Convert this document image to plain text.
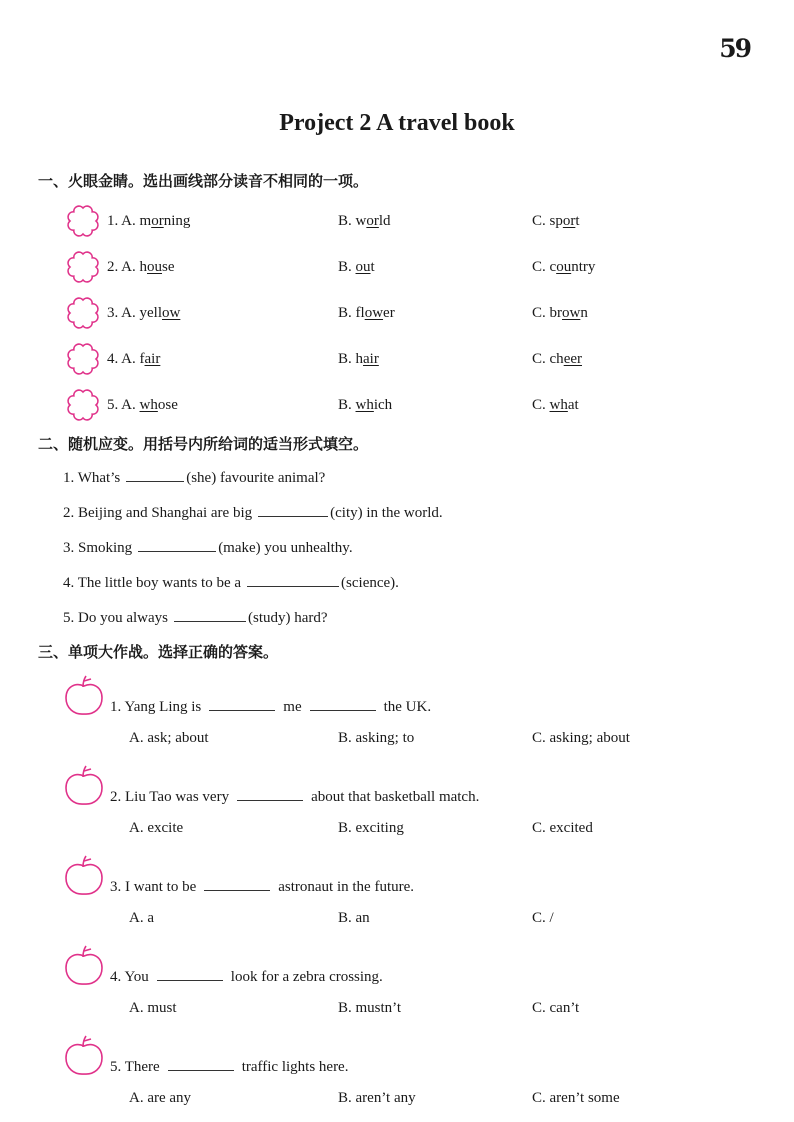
59
Project 2 A travel book
一、火眼金睛。选出画线部分读音不相同的一项。
1. A. morning	B. world	C. sport
2. A. house	B. out	C. country
3. A. yellow	B. flower	C. brown
4. A. fair	B. hair	C. cheer
5. A. whose	B. which	C. what
二、随机应变。用括号内所给词的适当形式填空。
1. What’s	(she) favourite animal?
2. Beijing and Shanghai are big	(city) in the world.
3. Smoking	(make) you unhealthy.
4. The little boy wants to be a	(science).
5. Do you always	(study) hard?
三、单项大作战。选择正确的答案。
1. Yang Ling is	me	the UK.
A. ask; about	B. asking; to	C. asking; about
2. Liu Tao was very	about that basketball match.
A. excite	B. exciting	C. excited
3. I want to be	astronaut in the future.
A. a	B. an	C. /
4. You	look for a zebra crossing.
A. must	B. mustn’t	C. can’t
5. There	traffic lights here.
A. are any	B. aren’t any	C. aren’t some
